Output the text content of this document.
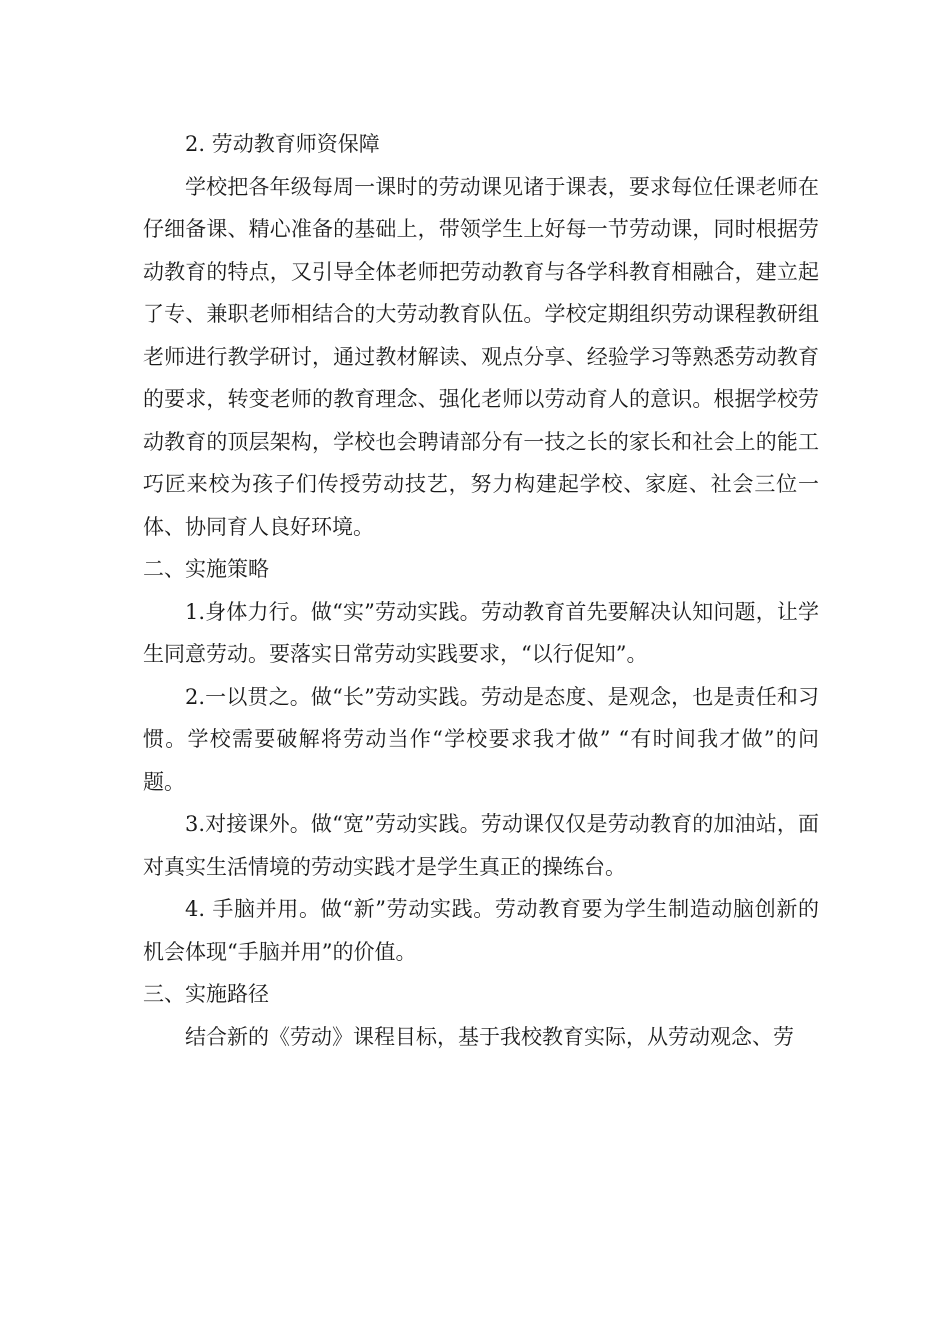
2. 劳动教育师资保障

学校把各年级每周一课时的劳动课见诸于课表，要求每位任课老师在仔细备课、精心准备的基础上，带领学生上好每一节劳动课，同时根据劳动教育的特点，又引导全体老师把劳动教育与各学科教育相融合，建立起了专、兼职老师相结合的大劳动教育队伍。学校定期组织劳动课程教研组老师进行教学研讨，通过教材解读、观点分享、经验学习等熟悉劳动教育的要求，转变老师的教育理念、强化老师以劳动育人的意识。根据学校劳动教育的顶层架构，学校也会聘请部分有一技之长的家长和社会上的能工巧匠来校为孩子们传授劳动技艺，努力构建起学校、家庭、社会三位一体、协同育人良好环境。

二、实施策略

1.身体力行。做“实”劳动实践。劳动教育首先要解决认知问题，让学生同意劳动。要落实日常劳动实践要求，“以行促知”。

2.一以贯之。做“长”劳动实践。劳动是态度、是观念，也是责任和习惯。学校需要破解将劳动当作“学校要求我才做” “有时间我才做”的问题。

3.对接课外。做“宽”劳动实践。劳动课仅仅是劳动教育的加油站，面对真实生活情境的劳动实践才是学生真正的操练台。

4. 手脑并用。做“新”劳动实践。劳动教育要为学生制造动脑创新的机会体现“手脑并用”的价值。

三、实施路径

结合新的《劳动》课程目标，基于我校教育实际，从劳动观念、劳
